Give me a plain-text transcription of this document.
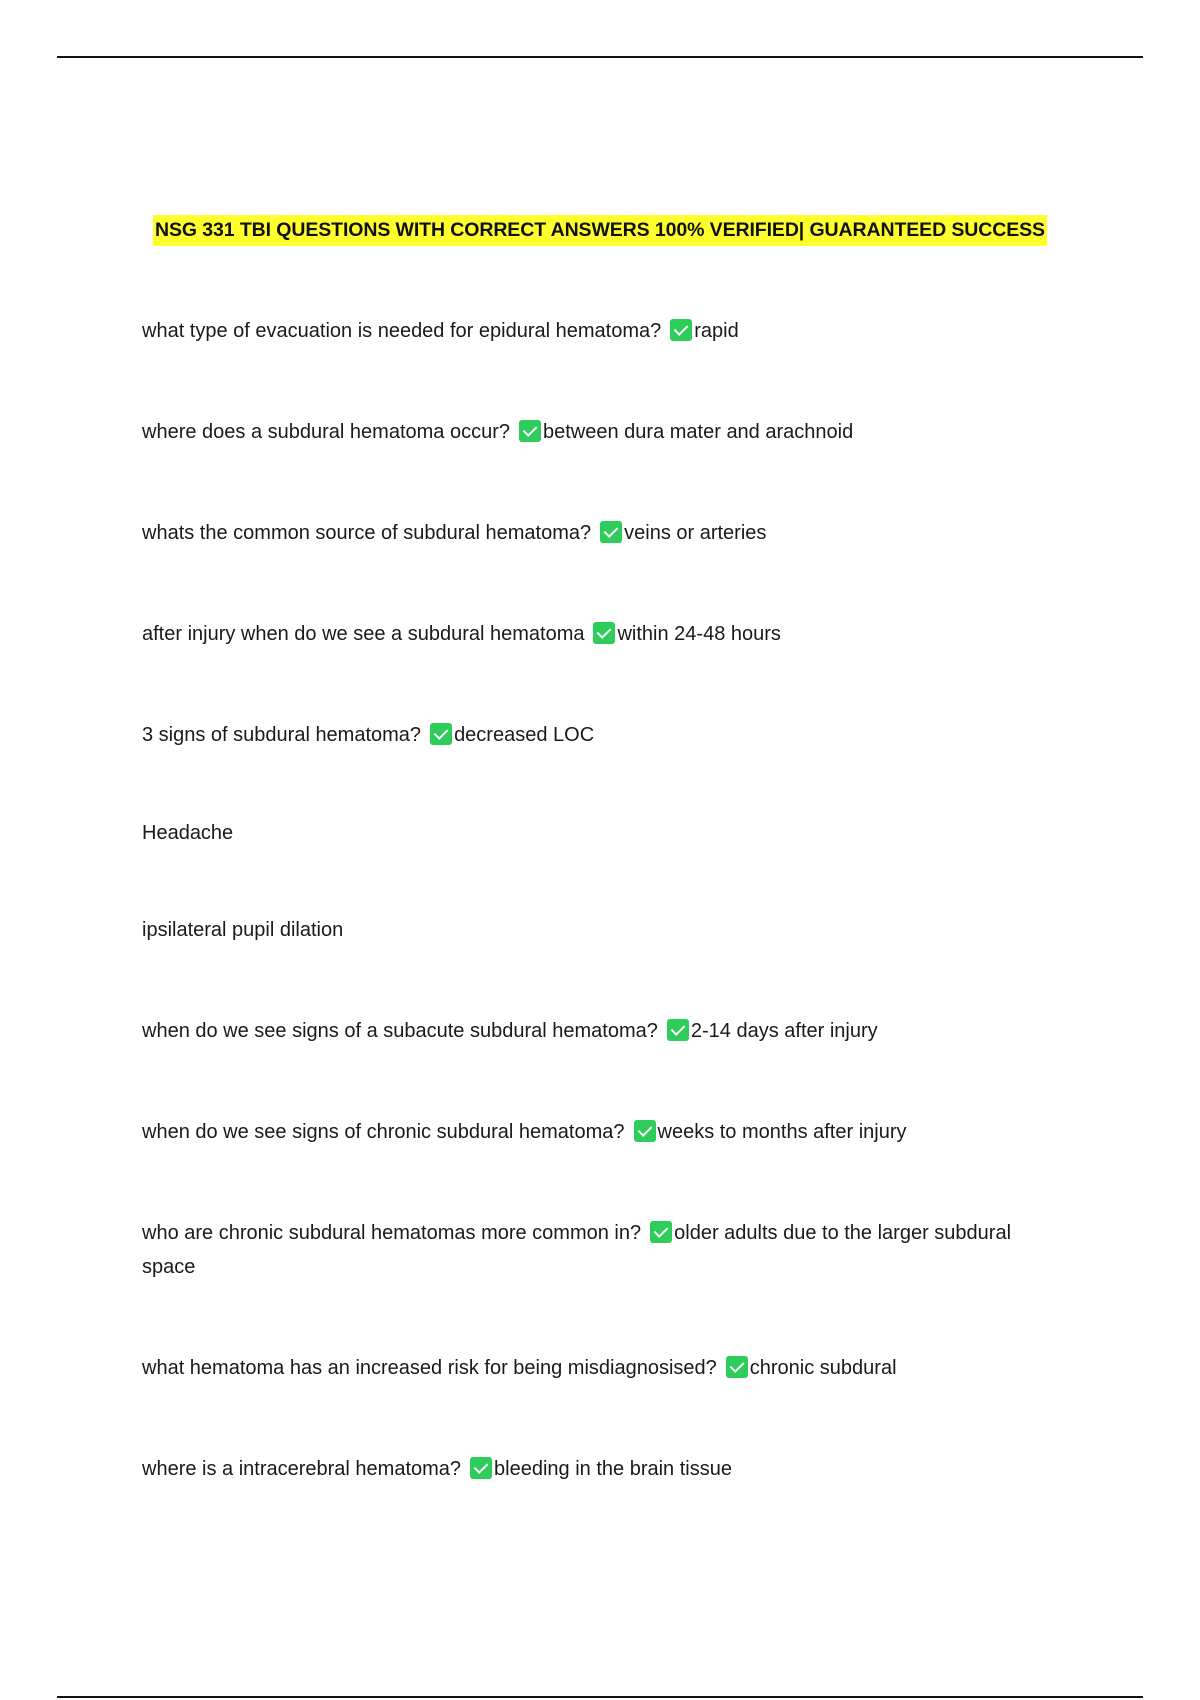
NSG 331 TBI QUESTIONS WITH CORRECT ANSWERS 100% VERIFIED| GUARANTEED SUCCESS
what type of evacuation is needed for epidural hematoma? rapid
where does a subdural hematoma occur? between dura mater and arachnoid
whats the common source of subdural hematoma? veins or arteries
after injury when do we see a subdural hematoma within 24-48 hours
3 signs of subdural hematoma? decreased LOC
Headache
ipsilateral pupil dilation
when do we see signs of a subacute subdural hematoma? 2-14 days after injury
when do we see signs of chronic subdural hematoma? weeks to months after injury
who are chronic subdural hematomas more common in? older adults due to the larger subdural space
what hematoma has an increased risk for being misdiagnosised? chronic subdural
where is a intracerebral hematoma? bleeding in the brain tissue
